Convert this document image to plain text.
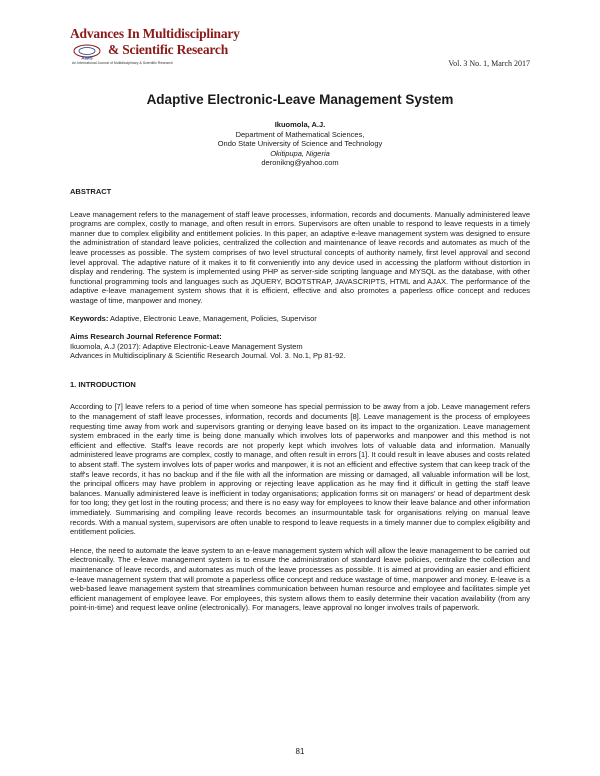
Advances In Multidisciplinary
AIMS
& Scientific Research
An International Journal of Multidisciplinary & Scientific Research	Vol. 3 No. 1, March 2017
Adaptive Electronic-Leave Management System
Ikuomola, A.J.
Department of Mathematical Sciences,
Ondo State University of Science and Technology
Okitipupa, Nigeria
deronikng@yahoo.com
ABSTRACT

Leave management refers to the management of staff leave processes, information, records and documents. Manually administered leave programs are complex, costly to manage, and often result in errors. Supervisors are often unable to respond to leave requests in a timely manner due to complex eligibility and entitlement policies. In this paper, an adaptive e-leave management system was designed to ensure the administration of standard leave policies, centralized the collection and maintenance of leave records and automates as much of the leave processes as possible. The system comprises of two level structural concepts of authority namely, first level approval and second level approval. The adaptive nature of it makes it to fit conveniently into any device used in accessing the platform without distortion in display and rendering. The system is implemented using PHP as server-side scripting language and MYSQL as the database, with other functional programming tools and languages such as JQUERY, BOOTSTRAP, JAVASCRIPTS, HTML and AJAX. The performance of the adaptive e-leave management system shows that it is efficient, effective and also promotes a paperless office concept and reduces wastage of time, manpower and money.

Keywords: Adaptive, Electronic Leave, Management, Policies, Supervisor

Aims Research Journal Reference Format:
Ikuomola, A.J (2017): Adaptive Electronic-Leave Management System
Advances in Multidisciplinary & Scientific Research Journal. Vol. 3. No.1, Pp 81-92.
1. INTRODUCTION

According to [7] leave refers to a period of time when someone has special permission to be away from a job. Leave management refers to the management of staff leave processes, information, records and documents [8]. Leave management is the process of employees requesting time away from work and supervisors granting or denying leave based on its impact to the organization. Leave management system embraced in the early time is being done manually which involves lots of paperworks and manpower and this method is not efficient and effective. Staff's leave records are not properly kept which involves lots of valuable data and information. Manually administered leave programs are complex, costly to manage, and often result in errors [1]. It could result in leave abuses and costs related to absent staff. The system involves lots of paper works and manpower, it is not an efficient and effective system that can keep track of the staff's leave records, it has no backup and if the file with all the information are missing or damaged, all valuable information will be lost, the principal officers may have problem in approving or rejecting leave application as he may find it difficult in getting the staff leave balances. Manually administered leave is inefficient in today organisations; application forms sit on managers' or head of department desk for too long; they get lost in the routing process; and there is no easy way for employees to know their leave balance and other information immediately. Summarising and compiling leave records becomes an insurmountable task for organisations relying on manual leave records. With a manual system, supervisors are often unable to respond to leave requests in a timely manner due to complex eligibility and entitlement policies.

Hence, the need to automate the leave system to an e-leave management system which will allow the leave management to be carried out electronically. The e-leave management system is to ensure the administration of standard leave policies, centralize the collection and maintenance of leave records, and automates as much of the leave processes as possible. It is aimed at providing an easier and efficient e-leave management system that will promote a paperless office concept and reduce wastage of time, manpower and money. E-leave is a web-based leave management system that streamlines communication between human resource and employee and facilitates simple yet efficient management of employee leave. For employees, this system allows them to easily determine their vacation availability (from any point-in-time) and request leave online (electronically). For managers, leave approval no longer involves trails of paperwork.

81
